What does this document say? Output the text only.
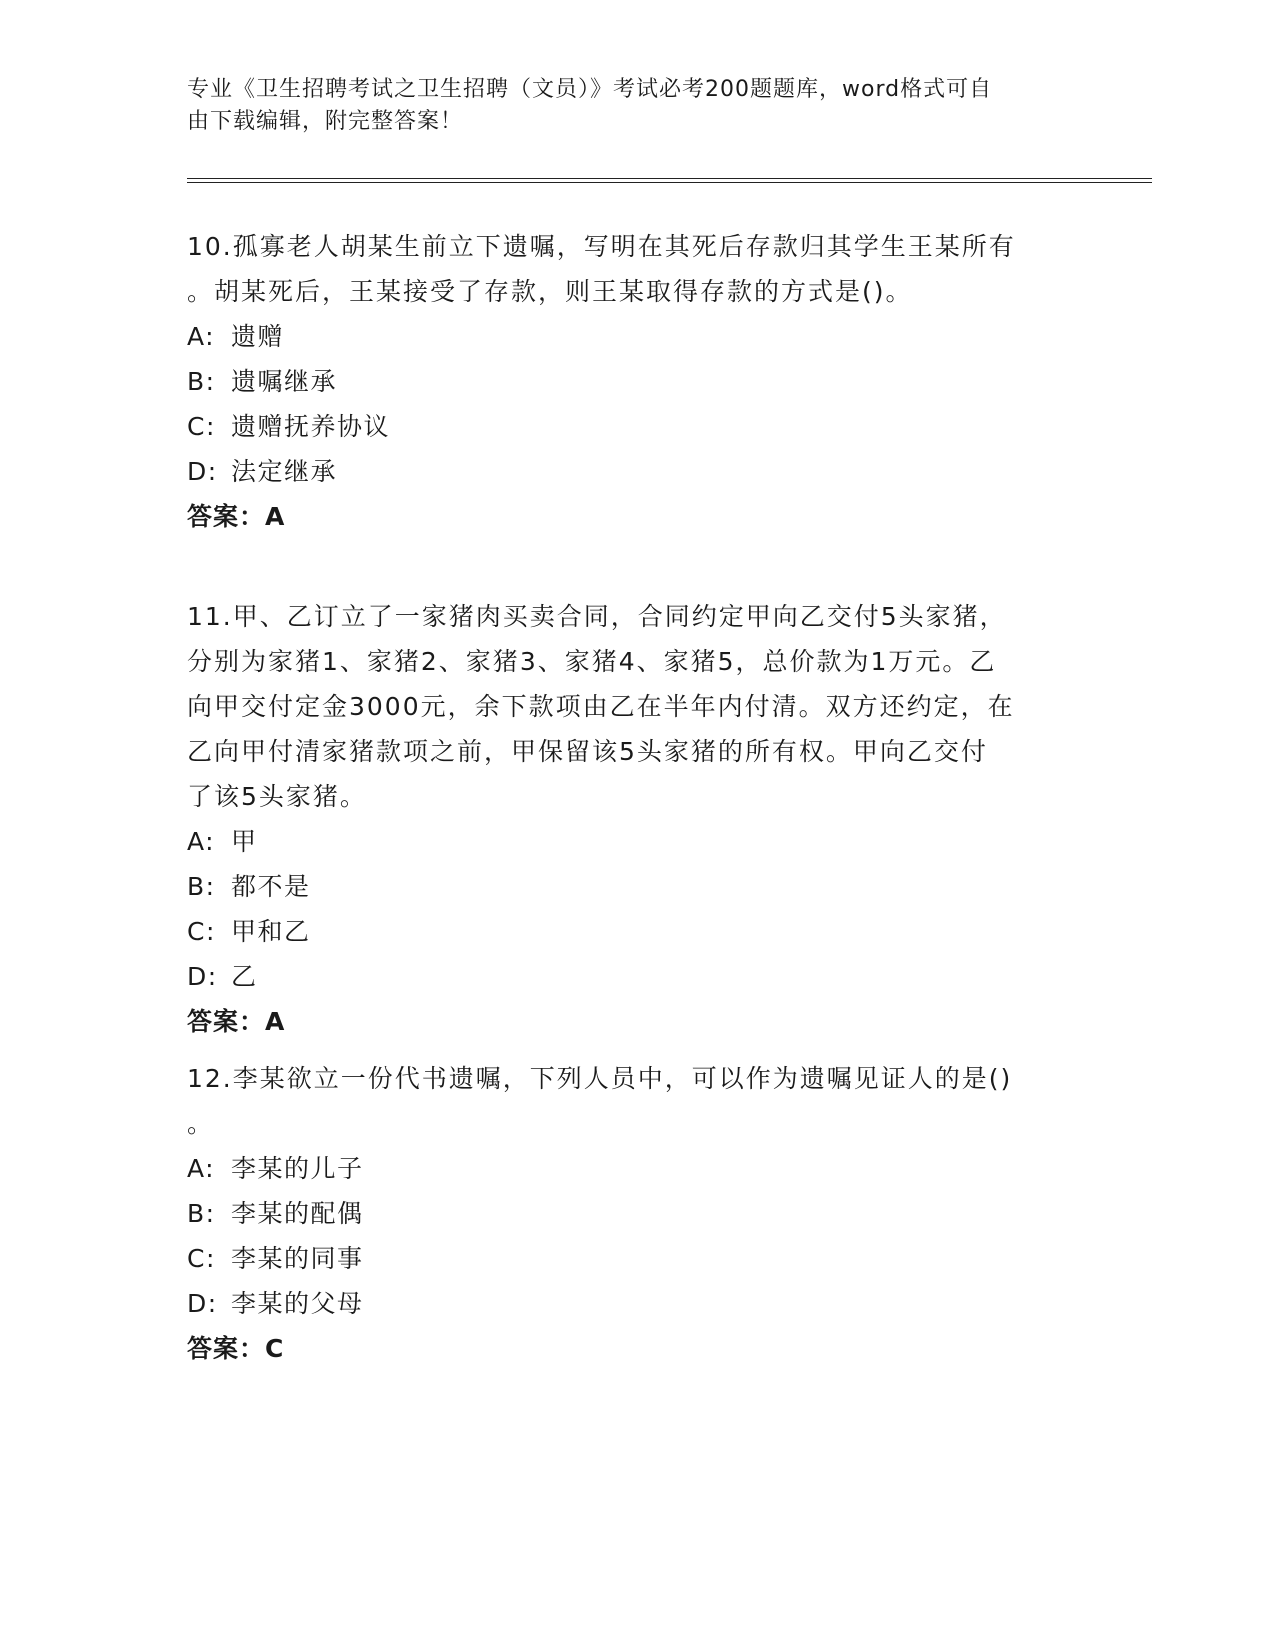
专业《卫生招聘考试之卫生招聘（文员）》考试必考200题题库，word格式可自
由下载编辑，附完整答案！

10.孤寡老人胡某生前立下遗嘱，写明在其死后存款归其学生王某所有

。胡某死后，王某接受了存款，则王某取得存款的方式是()。

A: 遗赠
B: 遗嘱继承
C: 遗赠抚养协议
D: 法定继承

答案：A

11.甲、乙订立了一家猪肉买卖合同，合同约定甲向乙交付5头家猪，

分别为家猪1、家猪2、家猪3、家猪4、家猪5，总价款为1万元。乙

向甲交付定金3000元，余下款项由乙在半年内付清。双方还约定，在

乙向甲付清家猪款项之前，甲保留该5头家猪的所有权。甲向乙交付

了该5头家猪。

A: 甲
B: 都不是
C: 甲和乙
D: 乙

答案：A

12.李某欲立一份代书遗嘱，下列人员中，可以作为遗嘱见证人的是()

。

A: 李某的儿子
B: 李某的配偶
C: 李某的同事
D: 李某的父母

答案：C
